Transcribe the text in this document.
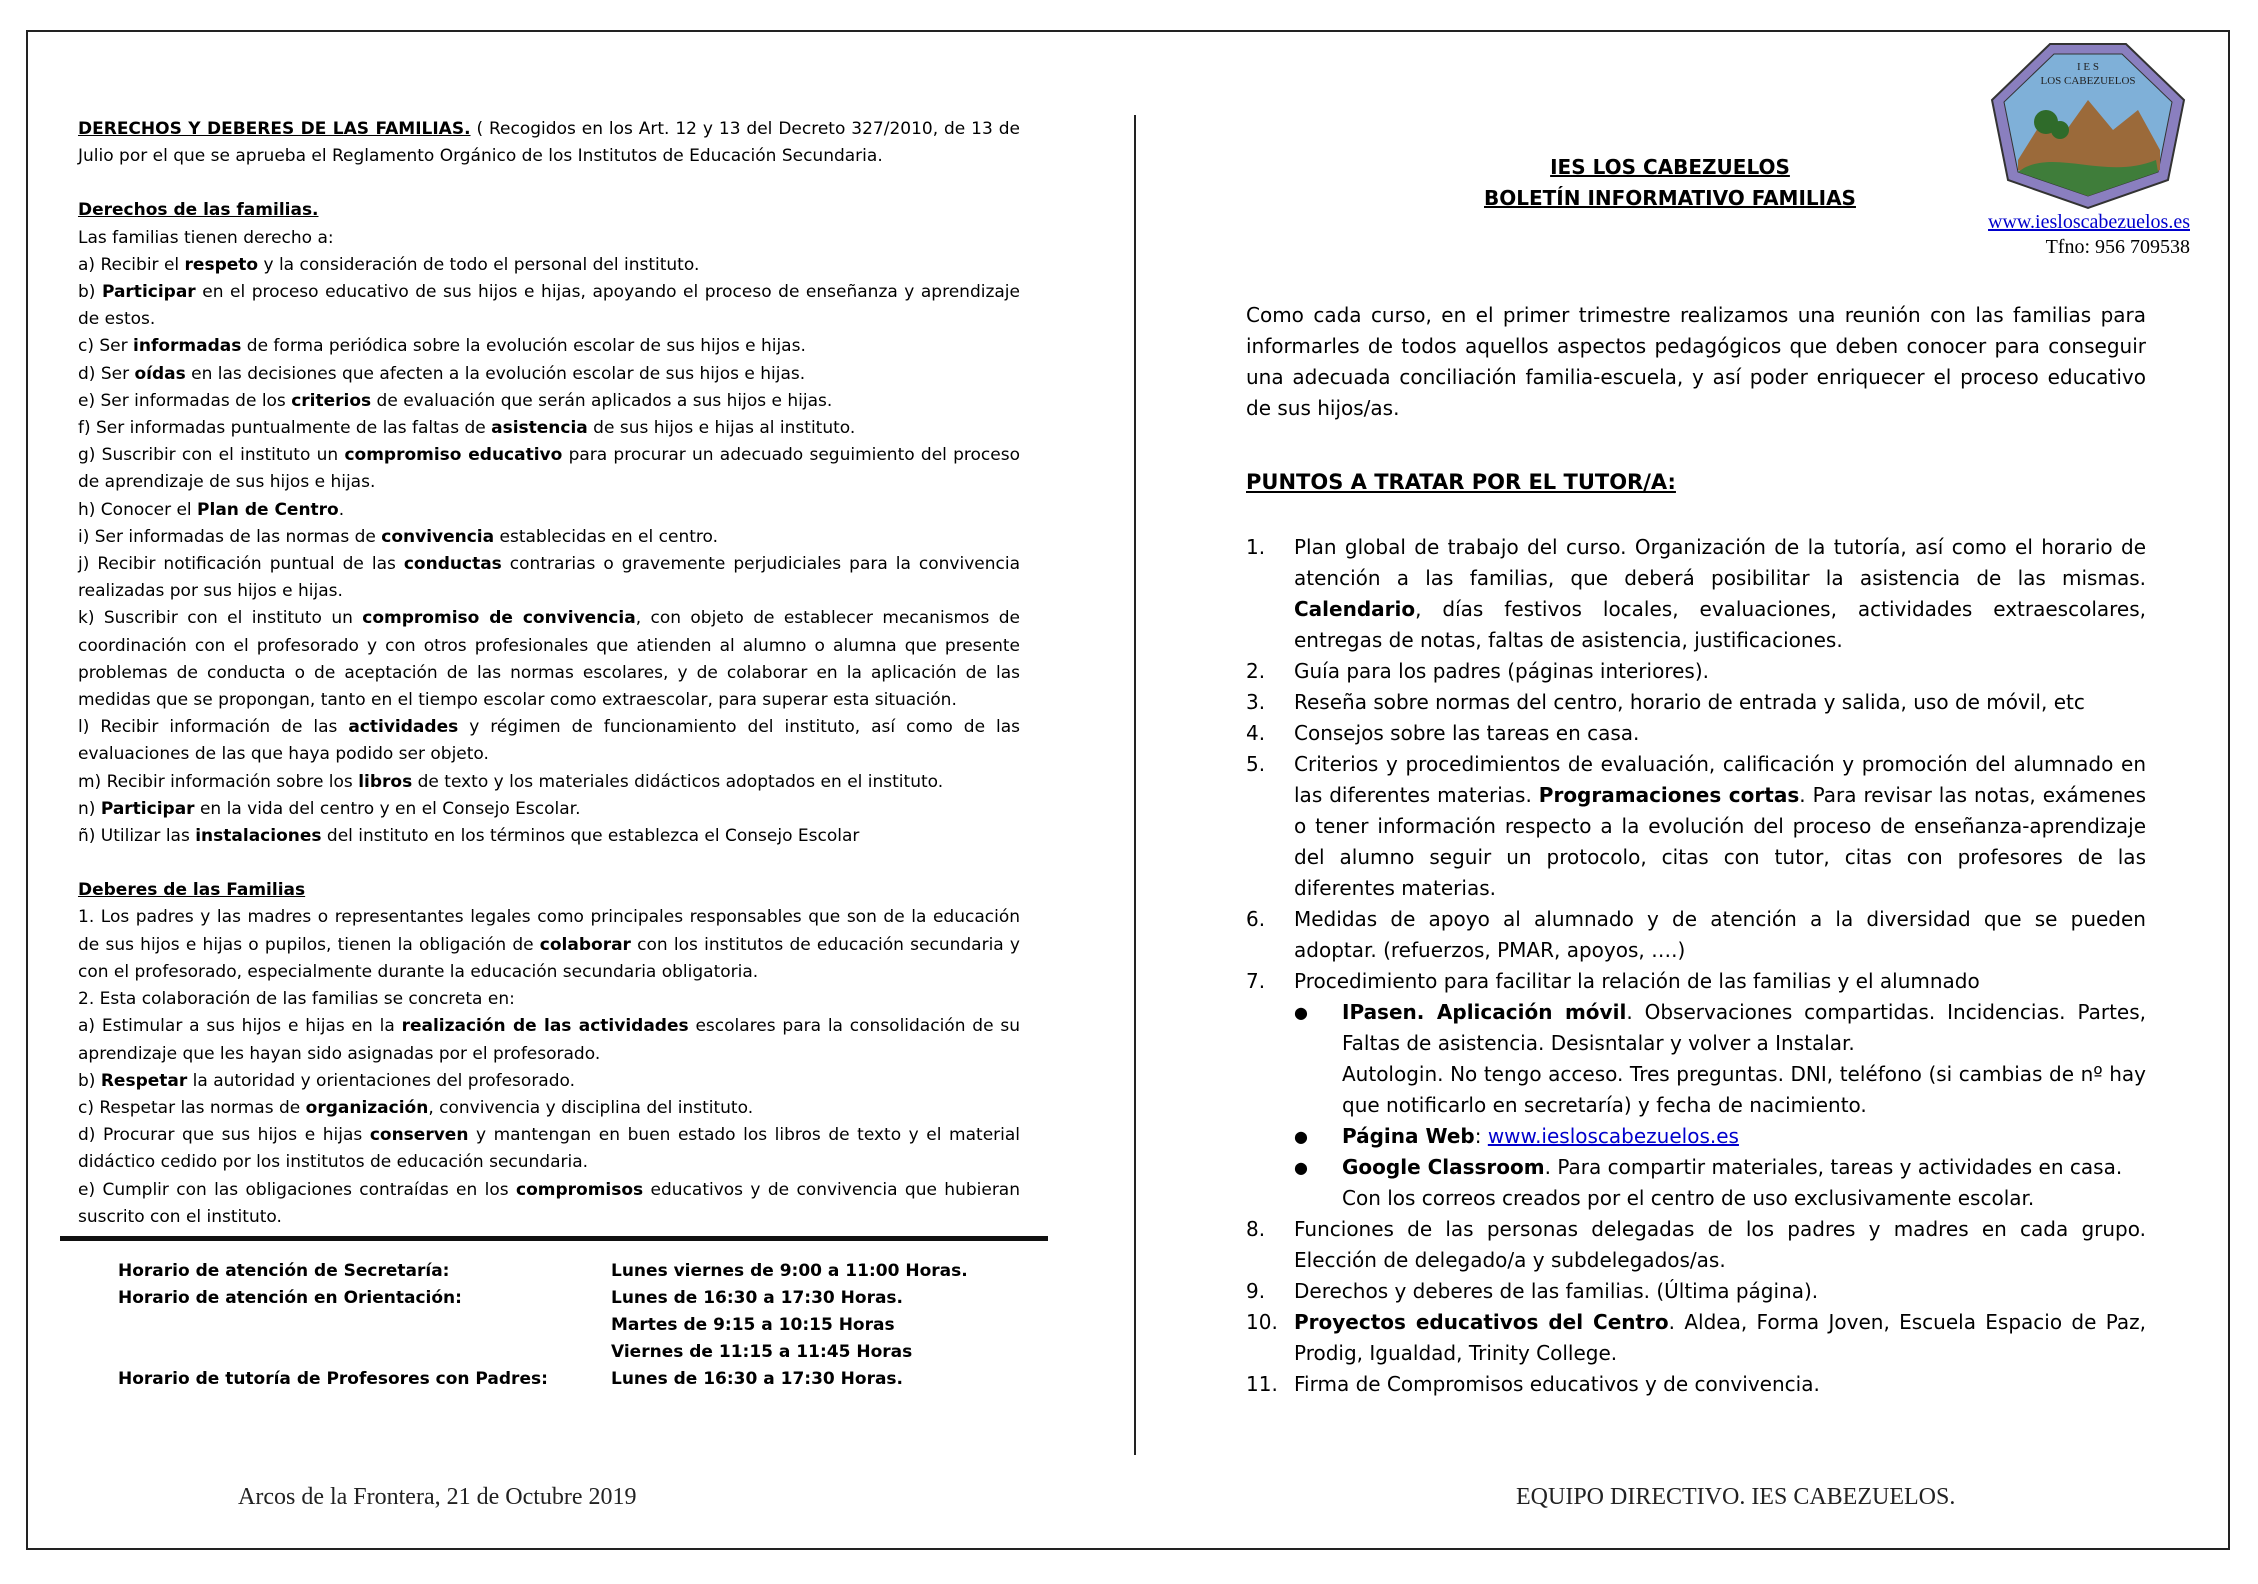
DERECHOS Y DEBERES DE LAS FAMILIAS. ( Recogidos en los Art. 12 y 13 del Decreto 327/2010, de 13 de Julio por el que se aprueba el Reglamento Orgánico de los Institutos de Educación Secundaria.

Derechos de las familias.

Las familias tienen derecho a:

a) Recibir el respeto y la consideración de todo el personal del instituto.

b) Participar en el proceso educativo de sus hijos e hijas, apoyando el proceso de enseñanza y aprendizaje de estos.

c) Ser informadas de forma periódica sobre la evolución escolar de sus hijos e hijas.

d) Ser oídas en las decisiones que afecten a la evolución escolar de sus hijos e hijas.

e) Ser informadas de los criterios de evaluación que serán aplicados a sus hijos e hijas.

f) Ser informadas puntualmente de las faltas de asistencia de sus hijos e hijas al instituto.

g) Suscribir con el instituto un compromiso educativo para procurar un adecuado seguimiento del proceso de aprendizaje de sus hijos e hijas.

h) Conocer el Plan de Centro.

i) Ser informadas de las normas de convivencia establecidas en el centro.

j) Recibir notificación puntual de las conductas contrarias o gravemente perjudiciales para la convivencia realizadas por sus hijos e hijas.

k) Suscribir con el instituto un compromiso de convivencia, con objeto de establecer mecanismos de coordinación con el profesorado y con otros profesionales que atienden al alumno o alumna que presente problemas de conducta o de aceptación de las normas escolares, y de colaborar en la aplicación de las medidas que se propongan, tanto en el tiempo escolar como extraescolar, para superar esta situación.

l) Recibir información de las actividades y régimen de funcionamiento del instituto, así como de las evaluaciones de las que haya podido ser objeto.

m) Recibir información sobre los libros de texto y los materiales didácticos adoptados en el instituto.

n) Participar en la vida del centro y en el Consejo Escolar.

ñ) Utilizar las instalaciones del instituto en los términos que establezca el Consejo Escolar

Deberes de las Familias

1. Los padres y las madres o representantes legales como principales responsables que son de la educación de sus hijos e hijas o pupilos, tienen la obligación de colaborar con los institutos de educación secundaria y con el profesorado, especialmente durante la educación secundaria obligatoria.

2. Esta colaboración de las familias se concreta en:

a) Estimular a sus hijos e hijas en la realización de las actividades escolares para la consolidación de su aprendizaje que les hayan sido asignadas por el profesorado.

b) Respetar la autoridad y orientaciones del profesorado.

c) Respetar las normas de organización, convivencia y disciplina del instituto.

d) Procurar que sus hijos e hijas conserven y mantengan en buen estado los libros de texto y el material didáctico cedido por los institutos de educación secundaria.

e) Cumplir con las obligaciones contraídas en los compromisos educativos y de convivencia que hubieran suscrito con el instituto.

Horario de atención de Secretaría:	Lunes viernes de 9:00 a 11:00 Horas.
Horario de atención en Orientación:	Lunes de 16:30 a 17:30 Horas.
Martes de 9:15 a 10:15 Horas
Viernes de 11:15 a 11:45 Horas
Horario de tutoría de Profesores con Padres:	Lunes de 16:30 a 17:30 Horas.
Arcos de la Frontera, 21 de Octubre 2019	EQUIPO DIRECTIVO. IES CABEZUELOS.
IES LOS CABEZUELOS
BOLETÍN INFORMATIVO FAMILIAS
I E S
LOS CABEZUELOS
www.iesloscabezuelos.es
Tfno: 956 709538
Como cada curso, en el primer trimestre realizamos una reunión con las familias para informarles de todos aquellos aspectos pedagógicos que deben conocer para conseguir una adecuada conciliación familia-escuela, y así poder enriquecer el proceso educativo de sus hijos/as.
PUNTOS A TRATAR POR EL TUTOR/A:
1.	Plan global de trabajo del curso. Organización de la tutoría, así como el horario de atención a las familias, que deberá posibilitar la asistencia de las mismas. Calendario, días festivos locales, evaluaciones, actividades extraescolares, entregas de notas, faltas de asistencia, justificaciones.
2.	Guía para los padres (páginas interiores).
3.	Reseña sobre normas del centro, horario de entrada y salida, uso de móvil, etc
4.	Consejos sobre las tareas en casa.
5.	Criterios y procedimientos de evaluación, calificación y promoción del alumnado en las diferentes materias. Programaciones cortas. Para revisar las notas, exámenes o tener información respecto a la evolución del proceso de enseñanza-aprendizaje del alumno seguir un protocolo, citas con tutor, citas con profesores de las diferentes materias.
6.	Medidas de apoyo al alumnado y de atención a la diversidad que se pueden adoptar. (refuerzos, PMAR, apoyos, ….)
7.	Procedimiento para facilitar la relación de las familias y el alumnado
●	IPasen. Aplicación móvil. Observaciones compartidas. Incidencias. Partes, Faltas de asistencia. Desisntalar y volver a Instalar.
Autologin. No tengo acceso. Tres preguntas. DNI, teléfono (si cambias de nº hay que notificarlo en secretaría) y fecha de nacimiento.
●	Página Web: www.iesloscabezuelos.es
●	Google Classroom. Para compartir materiales, tareas y actividades en casa.
Con los correos creados por el centro de uso exclusivamente escolar.
8.	Funciones de las personas delegadas de los padres y madres en cada grupo. Elección de delegado/a y subdelegados/as.
9.	Derechos y deberes de las familias. (Última página).
10. Proyectos educativos del Centro. Aldea, Forma Joven, Escuela Espacio de Paz, Prodig, Igualdad, Trinity College.
11. Firma de Compromisos educativos y de convivencia.
